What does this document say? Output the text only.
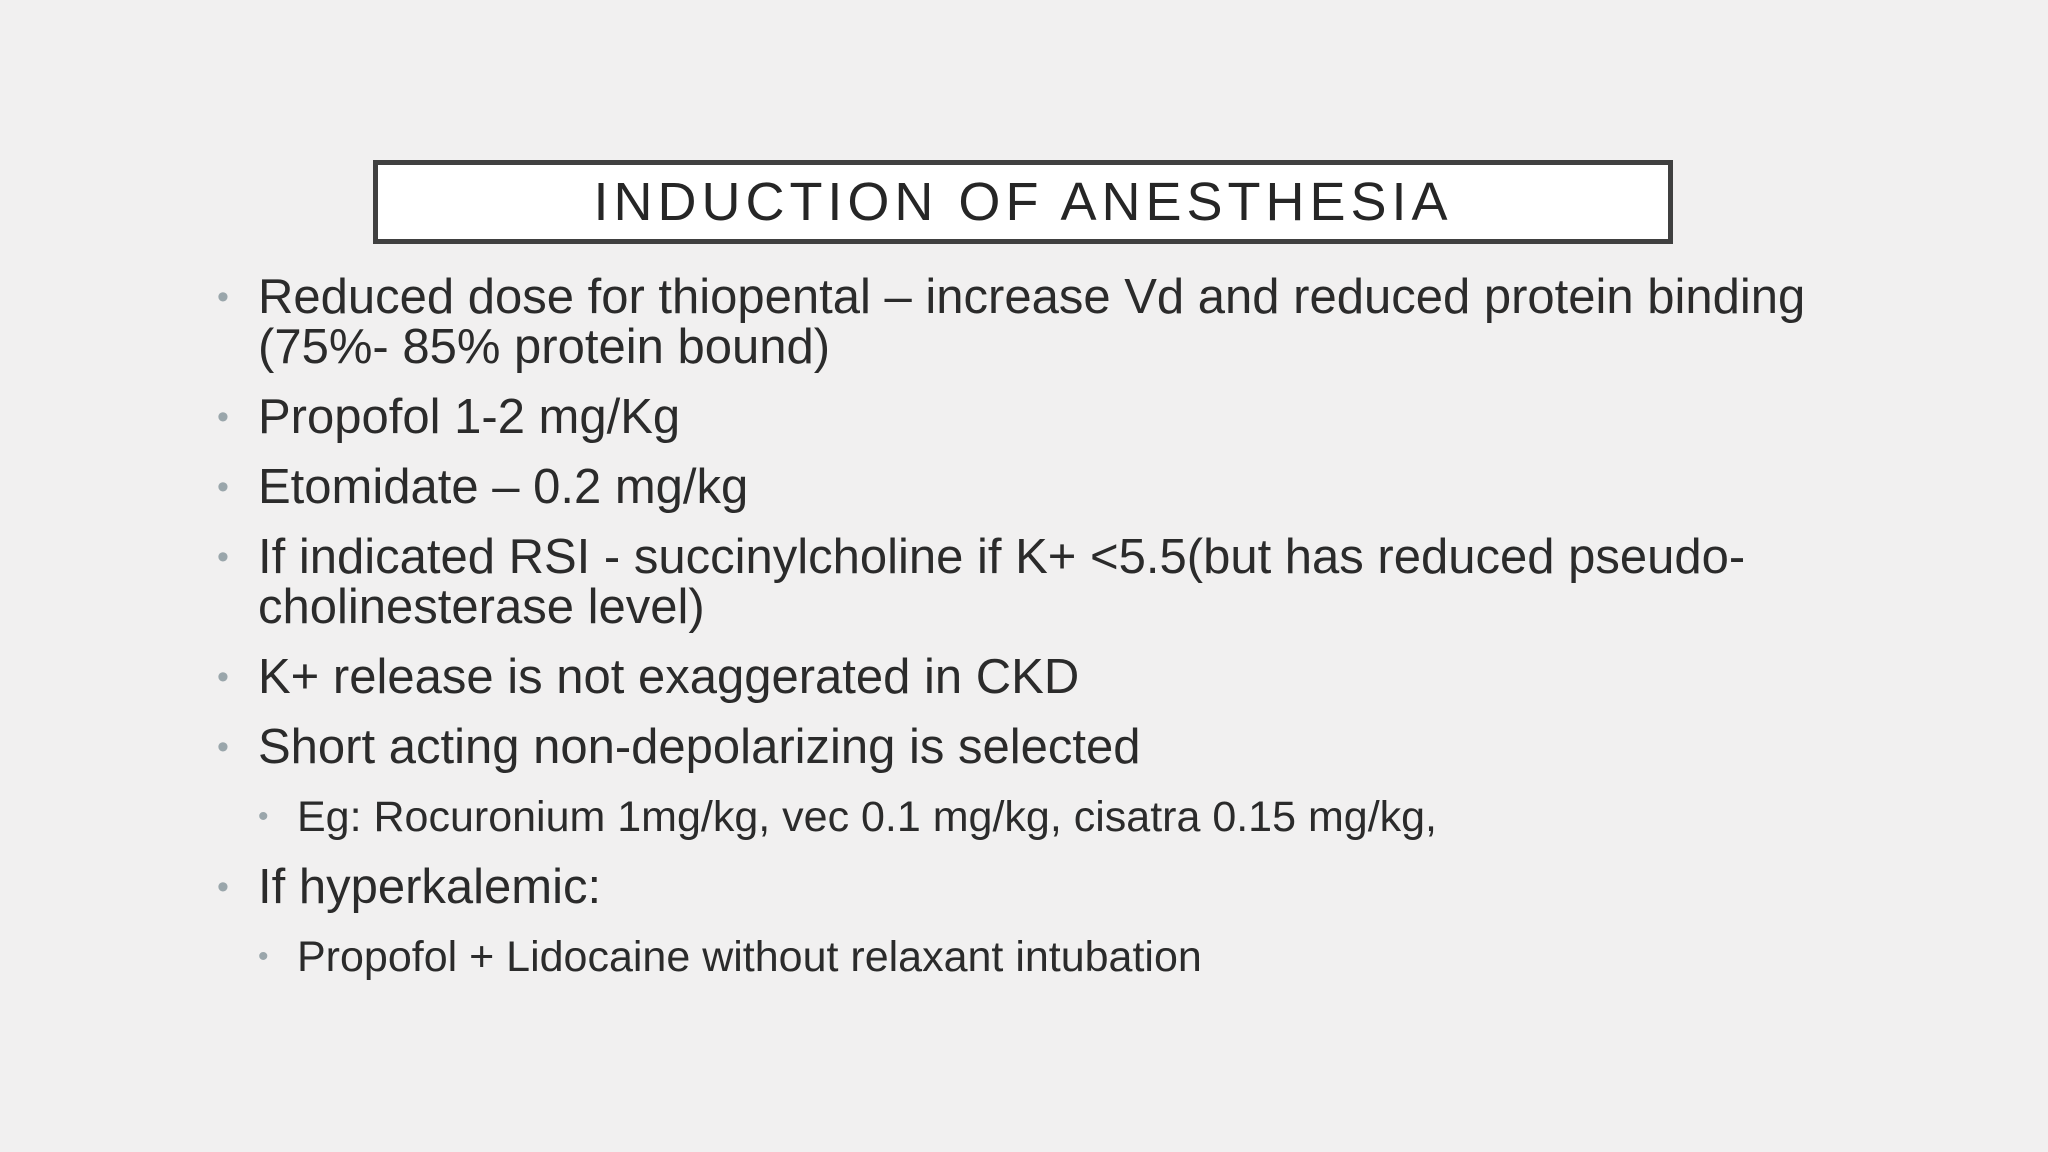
INDUCTION OF ANESTHESIA
• Reduced dose for thiopental – increase Vd and reduced protein binding (75%- 85% protein bound)
• Propofol 1-2 mg/Kg
• Etomidate – 0.2 mg/kg
• If indicated RSI - succinylcholine if K+ <5.5(but has reduced pseudo-cholinesterase level)
• K+ release is not exaggerated in CKD
• Short acting non-depolarizing is selected
• Eg: Rocuronium 1mg/kg, vec 0.1 mg/kg, cisatra 0.15 mg/kg,
• If hyperkalemic:
• Propofol + Lidocaine without relaxant intubation
